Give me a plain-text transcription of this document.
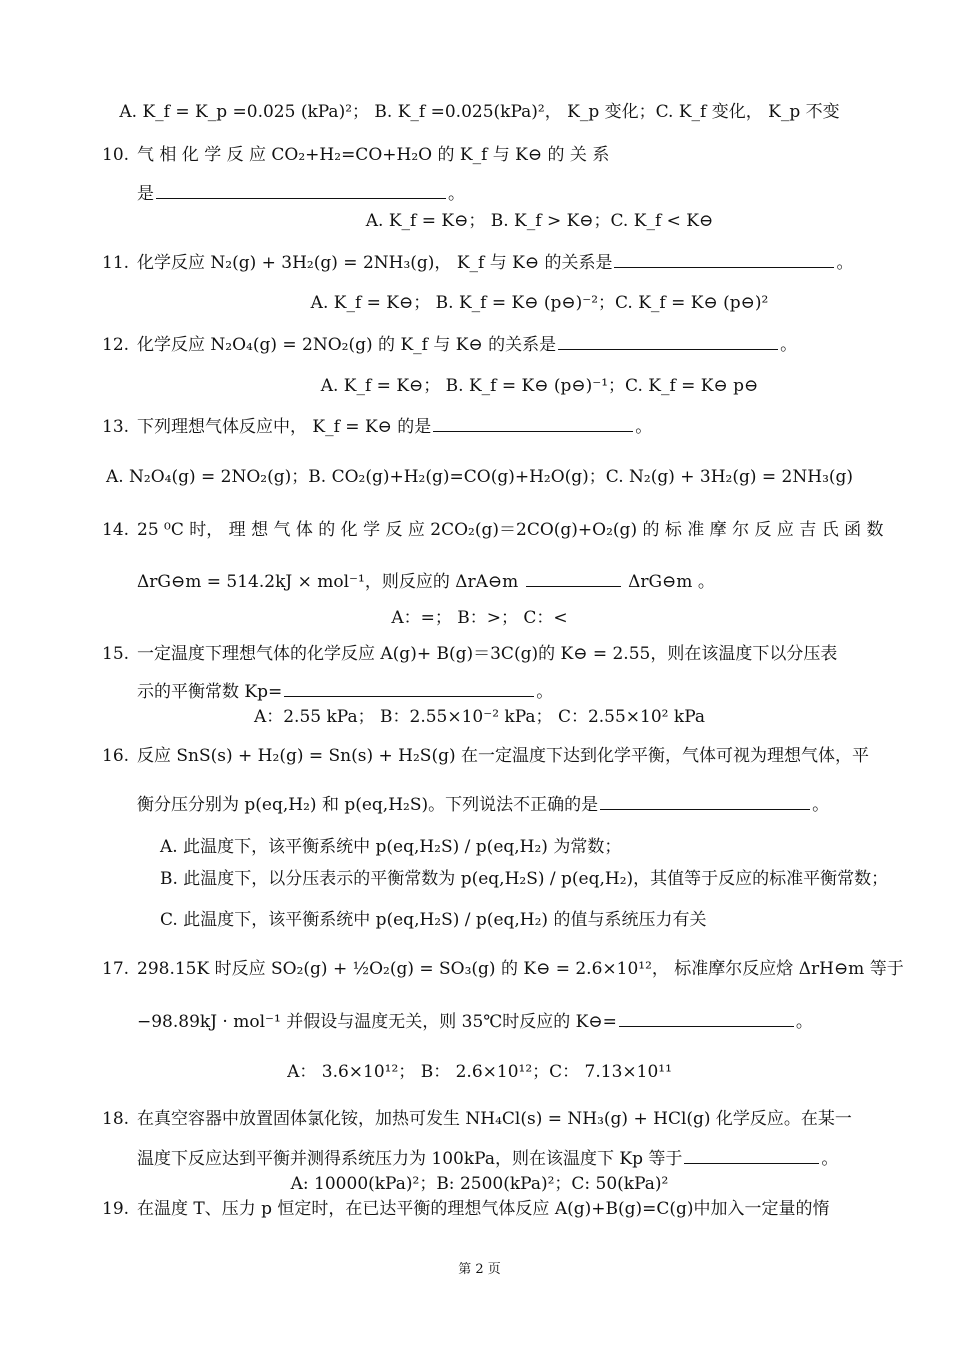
A. K_f = K_p =0.025 (kPa)²； B. K_f =0.025(kPa)²， K_p 变化；C. K_f 变化， K_p 不变
10. 气 相 化 学 反 应 CO₂+H₂=CO+H₂O 的 K_f 与 K⊖ 的 关 系
是	。
A. K_f = K⊖； B. K_f > K⊖；C. K_f < K⊖
11. 化学反应 N₂(g) + 3H₂(g) = 2NH₃(g)， K_f 与 K⊖ 的关系是	。
A. K_f = K⊖； B. K_f = K⊖ (p⊖)⁻²；C. K_f = K⊖ (p⊖)²
12. 化学反应 N₂O₄(g) = 2NO₂(g) 的 K_f 与 K⊖ 的关系是	。
A. K_f = K⊖； B. K_f = K⊖ (p⊖)⁻¹；C. K_f = K⊖ p⊖
13. 下列理想气体反应中， K_f = K⊖ 的是	。
A. N₂O₄(g) = 2NO₂(g)；B. CO₂(g)+H₂(g)=CO(g)+H₂O(g)；C. N₂(g) + 3H₂(g) = 2NH₃(g)
14. 25 ⁰C 时， 理 想 气 体 的 化 学 反 应 2CO₂(g)＝2CO(g)+O₂(g) 的 标 准 摩 尔 反 应 吉 氏 函 数
ΔrG⊖m = 514.2kJ × mol⁻¹，则反应的 ΔrA⊖m	ΔrG⊖m 。
A：=； B：>； C：<
15. 一定温度下理想气体的化学反应 A(g)+ B(g)＝3C(g)的 K⊖ = 2.55，则在该温度下以分压表
示的平衡常数 Kp=	。
A：2.55 kPa； B：2.55×10⁻² kPa； C：2.55×10² kPa
16. 反应 SnS(s) + H₂(g) = Sn(s) + H₂S(g) 在一定温度下达到化学平衡，气体可视为理想气体，平
衡分压分别为 p(eq,H₂) 和 p(eq,H₂S)。下列说法不正确的是	。
A. 此温度下，该平衡系统中 p(eq,H₂S) / p(eq,H₂) 为常数；
B. 此温度下，以分压表示的平衡常数为 p(eq,H₂S) / p(eq,H₂)，其值等于反应的标准平衡常数；
C. 此温度下，该平衡系统中 p(eq,H₂S) / p(eq,H₂) 的值与系统压力有关
17. 298.15K 时反应 SO₂(g) + ½O₂(g) = SO₃(g) 的 K⊖ = 2.6×10¹²， 标准摩尔反应焓 ΔrH⊖m 等于
−98.89kJ · mol⁻¹ 并假设与温度无关，则 35℃时反应的 K⊖=	。
A： 3.6×10¹²； B： 2.6×10¹²；C： 7.13×10¹¹
18. 在真空容器中放置固体氯化铵，加热可发生 NH₄Cl(s) = NH₃(g) + HCl(g) 化学反应。在某一
温度下反应达到平衡并测得系统压力为 100kPa，则在该温度下 Kp 等于	。
A: 10000(kPa)²；B: 2500(kPa)²；C: 50(kPa)²
19. 在温度 T、压力 p 恒定时，在已达平衡的理想气体反应 A(g)+B(g)=C(g)中加入一定量的惰
第 2 页
